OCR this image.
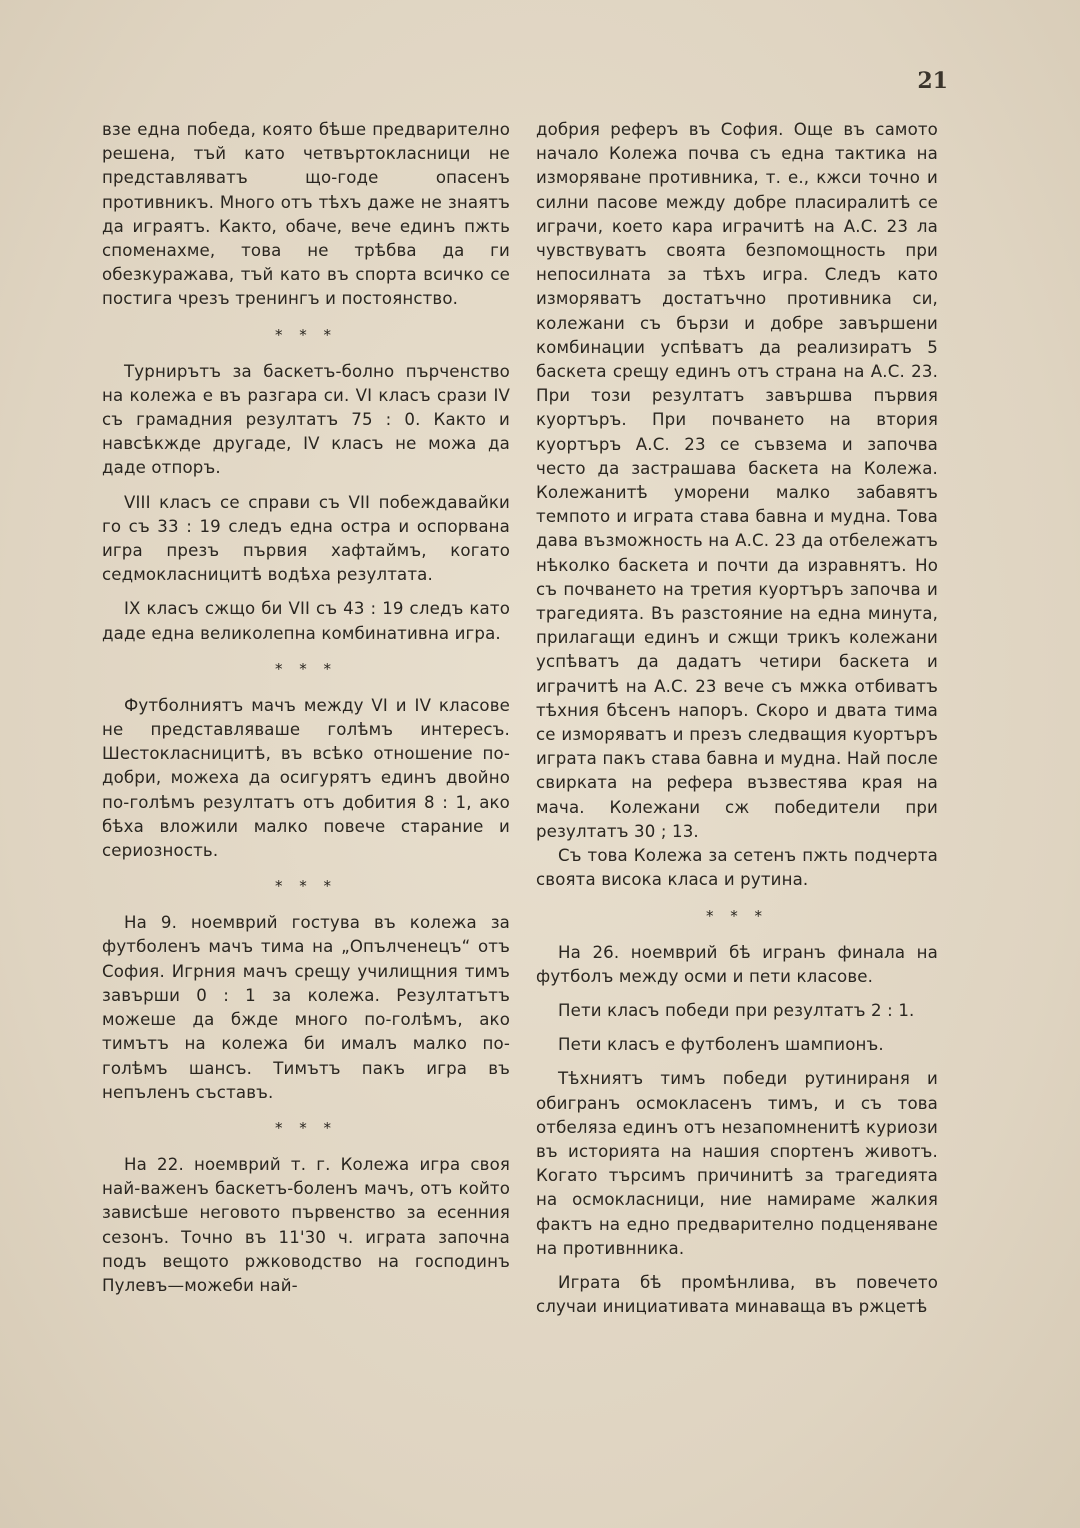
21

взе една победа, която бѣше предварително решена, тъй като четвъртокласници не представляватъ що-годе опасенъ противникъ. Много отъ тѣхъ даже не знаятъ да играятъ. Както, обаче, вече единъ пжть споменахме, това не трѣбва да ги обезкуражава, тъй като въ спорта всичко се постига чрезъ тренингъ и постоянство.

* * *

Турнирътъ за баскетъ-болно пърченство на колежа е въ разгара си. VI класъ срази IV съ грамадния резултатъ 75 : 0. Както и навсѣкжде другаде, IV класъ не можа да даде отпоръ.

VIII класъ се справи съ VII побеждавайки го съ 33 : 19 следъ една остра и оспорвана игра презъ първия хафтаймъ, когато седмокласницитѣ водѣха резултата.

IX класъ сжщо би VII съ 43 : 19 следъ като даде една великолепна комбинативна игра.

* * *

Футболниятъ мачъ между VI и IV класове не представляваше голѣмъ интересъ. Шестокласницитѣ, въ всѣко отношение по-добри, можеха да осигурятъ единъ двойно по-голѣмъ резултатъ отъ добития 8 : 1, ако бѣха вложили малко повече старание и сериозность.

* * *

На 9. ноемврий гостува въ колежа за футболенъ мачъ тима на „Опълченецъ“ отъ София. Игрния мачъ срещу училищния тимъ завърши 0 : 1 за колежа. Резултатътъ можеше да бжде много по-голѣмъ, ако тимътъ на колежа би ималъ малко по-голѣмъ шансъ. Тимътъ пакъ игра въ непъленъ съставъ.

* * *

На 22. ноемврий т. г. Колежа игра своя най-важенъ баскетъ-боленъ мачъ, отъ който зависѣше неговото първенство за есенния сезонъ. Точно въ 11'30 ч. играта започна подъ вещото ржководство на господинъ Пулевъ—можеби най-

добрия реферъ въ София. Още въ самото начало Колежа почва съ една тактика на изморяване противника, т. е., кжси точно и силни пасове между добре пласиралитѣ се играчи, което кара играчитѣ на А.С. 23 ла чувствуватъ своята безпомощность при непосилната за тѣхъ игра. Следъ като изморяватъ достатъчно противника си, колежани съ бързи и добре завършени комбинации успѣватъ да реализиратъ 5 баскета срещу единъ отъ страна на А.С. 23. При този резултатъ завършва първия куортъръ. При почването на втория куортъръ А.С. 23 се съвзема и започва често да застрашава баскета на Колежа. Колежанитѣ уморени малко забавятъ темпото и играта става бавна и мудна. Това дава възможность на А.С. 23 да отбележатъ нѣколко баскета и почти да изравнятъ. Но съ почването на третия куортъръ започва и трагедията. Въ разстояние на една минута, прилагащи единъ и сжщи трикъ колежани успѣватъ да дадатъ четири баскета и играчитѣ на А.С. 23 вече съ мжка отбиватъ тѣхния бѣсенъ напоръ. Скоро и двата тима се изморяватъ и презъ следващия куортъръ играта пакъ става бавна и мудна. Най после свирката на рефера възвестява края на мача. Колежани сж победители при резултатъ 30 ; 13.

Съ това Колежа за сетенъ пжть подчерта своята висока класа и рутина.

* * *

На 26. ноемврий бѣ игранъ финала на футболъ между осми и пети класове.

Пети класъ победи при резултатъ 2 : 1.

Пети класъ е футболенъ шампионъ.

Тѣхниятъ тимъ победи рутинираня и обигранъ осмокласенъ тимъ, и съ това отбеляза единъ отъ незапомненитѣ куриози въ историята на нашия спортенъ животъ. Когато търсимъ причинитѣ за трагедията на осмокласници, ние намираме жалкия фактъ на едно предварително подценяване на противнника.

Играта бѣ промѣнлива, въ повечето случаи инициативата минаваща въ ржцетѣ
